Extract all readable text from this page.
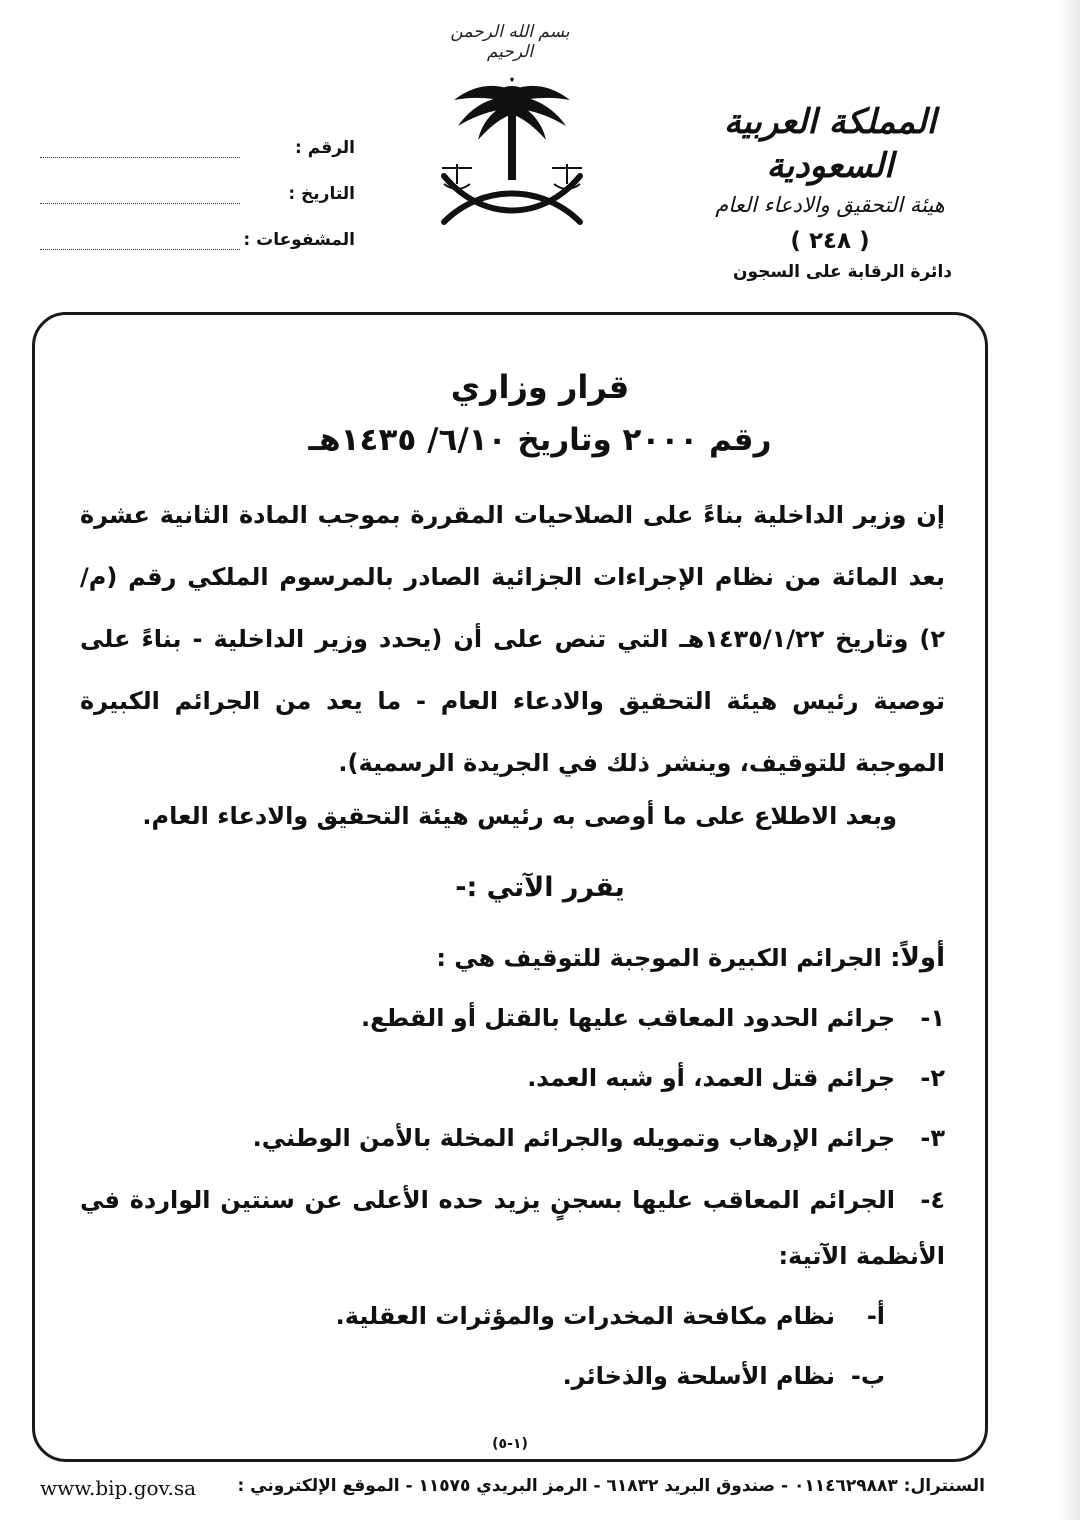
بسم الله الرحمن الرحيم
المملكة العربية السعودية
هيئة التحقيق والادعاء العام
( ٢٤٨ )
دائرة الرقابة على السجون
الرقم :
التاريخ :
المشفوعات :
قرار وزاري
رقم ٢٠٠٠ وتاريخ ٦/١٠/ ١٤٣٥هـ
إن وزير الداخلية بناءً على الصلاحيات المقررة بموجب المادة الثانية عشرة بعد المائة من نظام الإجراءات الجزائية الصادر بالمرسوم الملكي رقم (م/٢) وتاريخ ١٤٣٥/١/٢٢هـ التي تنص على أن (يحدد وزير الداخلية - بناءً على توصية رئيس هيئة التحقيق والادعاء العام - ما يعد من الجرائم الكبيرة الموجبة للتوقيف، وينشر ذلك في الجريدة الرسمية).
وبعد الاطلاع على ما أوصى به رئيس هيئة التحقيق والادعاء العام.
يقرر الآتي :-
أولاً: الجرائم الكبيرة الموجبة للتوقيف هي :
١-جرائم الحدود المعاقب عليها بالقتل أو القطع.
٢-جرائم قتل العمد، أو شبه العمد.
٣-جرائم الإرهاب وتمويله والجرائم المخلة بالأمن الوطني.
٤-الجرائم المعاقب عليها بسجنٍ يزيد حده الأعلى عن سنتين الواردة في الأنظمة الآتية:
أ-نظام مكافحة المخدرات والمؤثرات العقلية.
ب-نظام الأسلحة والذخائر.
(١-٥)
السنترال: ٠١١٤٦٢٩٨٨٣ - صندوق البريد ٦١٨٣٢ - الرمز البريدي ١١٥٧٥ - الموقع الإلكتروني :
www.bip.gov.sa
